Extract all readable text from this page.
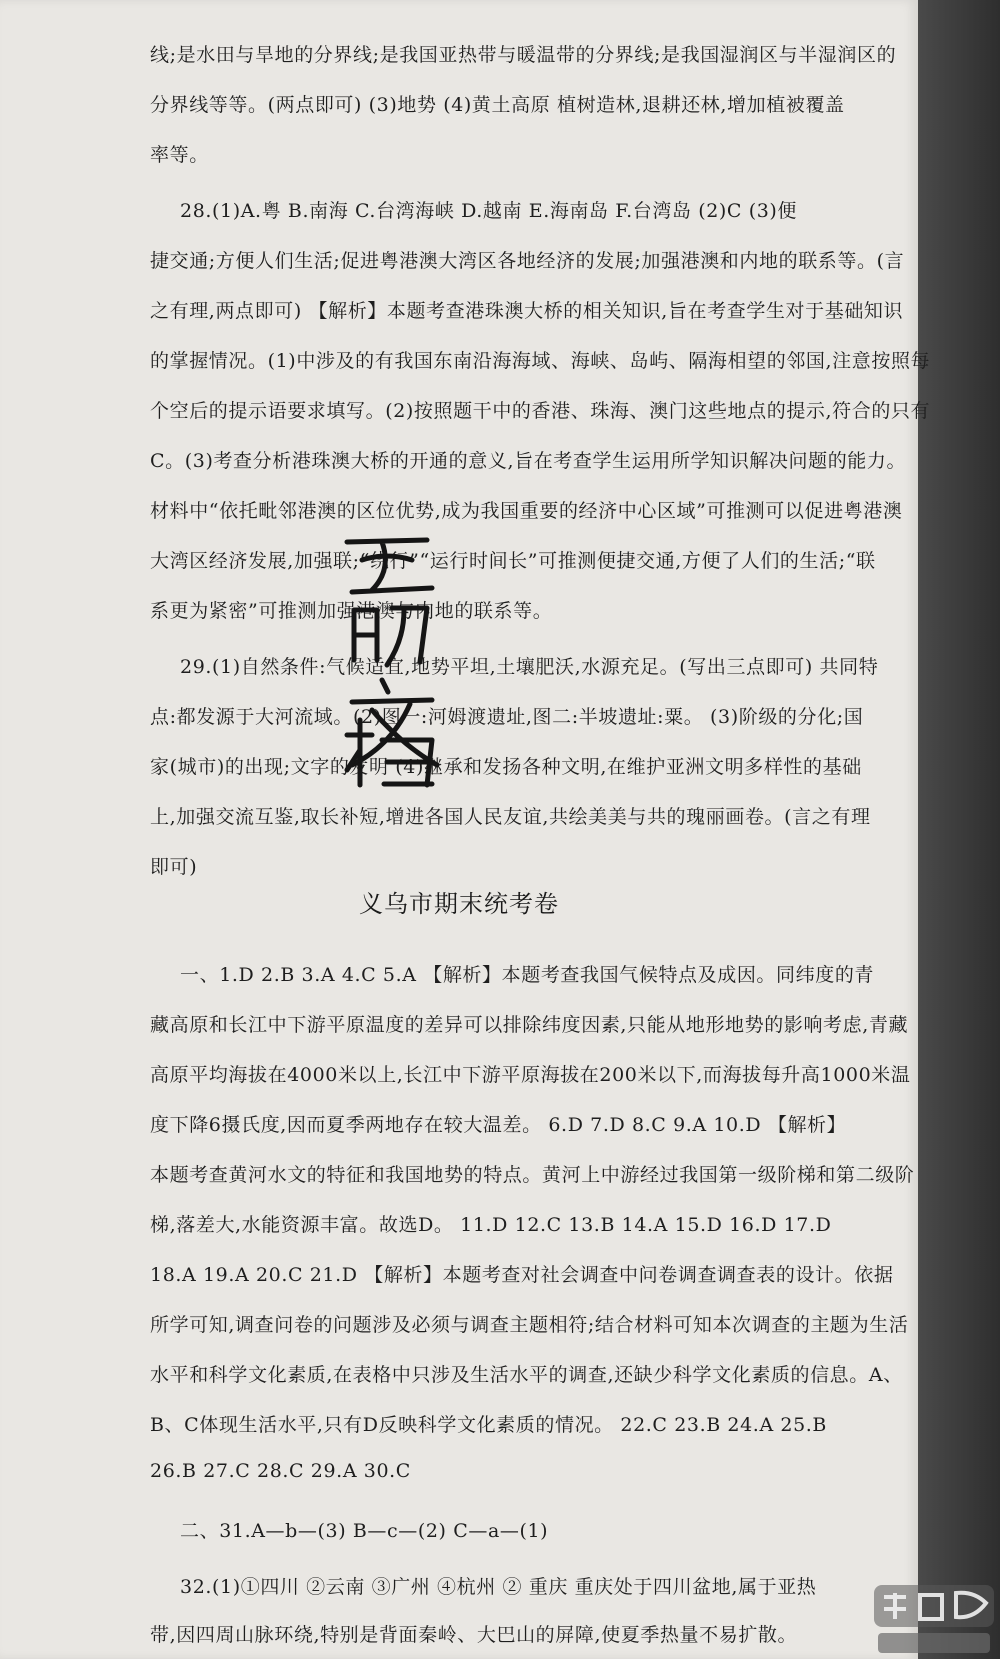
线;是水田与旱地的分界线;是我国亚热带与暖温带的分界线;是我国湿润区与半湿润区的
分界线等等。(两点即可) (3)地势 (4)黄土高原 植树造林,退耕还林,增加植被覆盖
率等。
28.(1)A.粤 B.南海 C.台湾海峡 D.越南 E.海南岛 F.台湾岛 (2)C (3)便
捷交通;方便人们生活;促进粤港澳大湾区各地经济的发展;加强港澳和内地的联系等。(言
之有理,两点即可) 【解析】本题考查港珠澳大桥的相关知识,旨在考查学生对于基础知识
的掌握情况。(1)中涉及的有我国东南沿海海域、海峡、岛屿、隔海相望的邻国,注意按照每
个空后的提示语要求填写。(2)按照题干中的香港、珠海、澳门这些地点的提示,符合的只有
C。(3)考查分析港珠澳大桥的开通的意义,旨在考查学生运用所学知识解决问题的能力。
材料中“依托毗邻港澳的区位优势,成为我国重要的经济中心区域”可推测可以促进粤港澳
大湾区经济发展,加强联;“绕行”“运行时间长”可推测便捷交通,方便了人们的生活;“联
系更为紧密”可推测加强港澳与内地的联系等。
29.(1)自然条件:气候适宜,地势平坦,土壤肥沃,水源充足。(写出三点即可) 共同特
点:都发源于大河流域。(2)图一:河姆渡遗址,图二:半坡遗址:粟。 (3)阶级的分化;国
家(城市)的出现;文字的发明 (4)继承和发扬各种文明,在维护亚洲文明多样性的基础
上,加强交流互鉴,取长补短,增进各国人民友谊,共绘美美与共的瑰丽画卷。(言之有理
即可)
义乌市期末统考卷
一、1.D 2.B 3.A 4.C 5.A 【解析】本题考查我国气候特点及成因。同纬度的青
藏高原和长江中下游平原温度的差异可以排除纬度因素,只能从地形地势的影响考虑,青藏
高原平均海拔在4000米以上,长江中下游平原海拔在200米以下,而海拔每升高1000米温
度下降6摄氏度,因而夏季两地存在较大温差。 6.D 7.D 8.C 9.A 10.D 【解析】
本题考查黄河水文的特征和我国地势的特点。黄河上中游经过我国第一级阶梯和第二级阶
梯,落差大,水能资源丰富。故选D。 11.D 12.C 13.B 14.A 15.D 16.D 17.D
18.A 19.A 20.C 21.D 【解析】本题考查对社会调查中问卷调查调查表的设计。依据
所学可知,调查问卷的问题涉及必须与调查主题相符;结合材料可知本次调查的主题为生活
水平和科学文化素质,在表格中只涉及生活水平的调查,还缺少科学文化素质的信息。A、
B、C体现生活水平,只有D反映科学文化素质的情况。 22.C 23.B 24.A 25.B
26.B 27.C 28.C 29.A 30.C
二、31.A—b—(3) B—c—(2) C—a—(1)
32.(1)①四川 ②云南 ③广州 ④杭州 ② 重庆 重庆处于四川盆地,属于亚热
带,因四周山脉环绕,特别是背面秦岭、大巴山的屏障,使夏季热量不易扩散。
